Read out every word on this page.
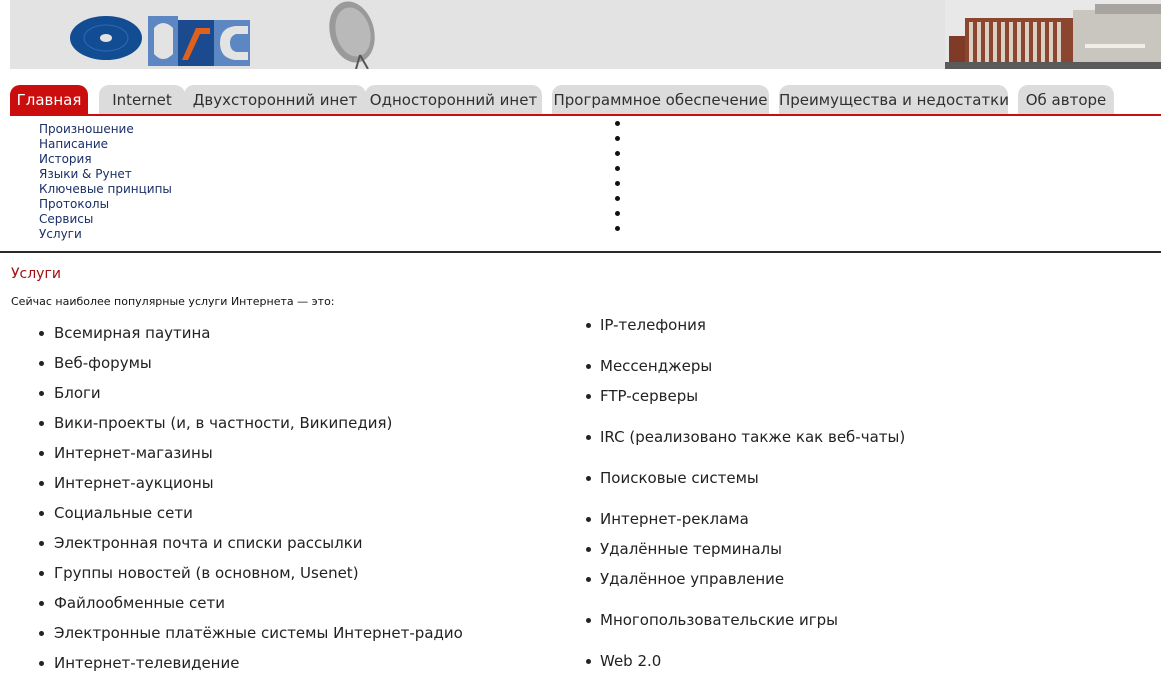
Главная	Internet	Двухсторонний инет Односторонний инет	Программное обеспечение Преимущества и недостатки	Об авторе
Произношение
Написание
История
Языки & Рунет
Ключевые принципы
Протоколы
Сервисы
Услуги
Услуги
Сейчас наиболее популярные услуги Интернета — это:
Всемирная паутина
Веб-форумы
Блоги
Вики-проекты (и, в частности, Википедия)
Интернет-магазины
Интернет-аукционы
Социальные сети
Электронная почта и списки рассылки
Группы новостей (в основном, Usenet)
Файлообменные сети
Электронные платёжные системы Интернет-радио
Интернет-телевидение
IP-телефония
Мессенджеры
FTP-серверы
IRC (реализовано также как веб-чаты)
Поисковые системы
Интернет-реклама
Удалённые терминалы
Удалённое управление
Многопользовательские игры
Web 2.0
